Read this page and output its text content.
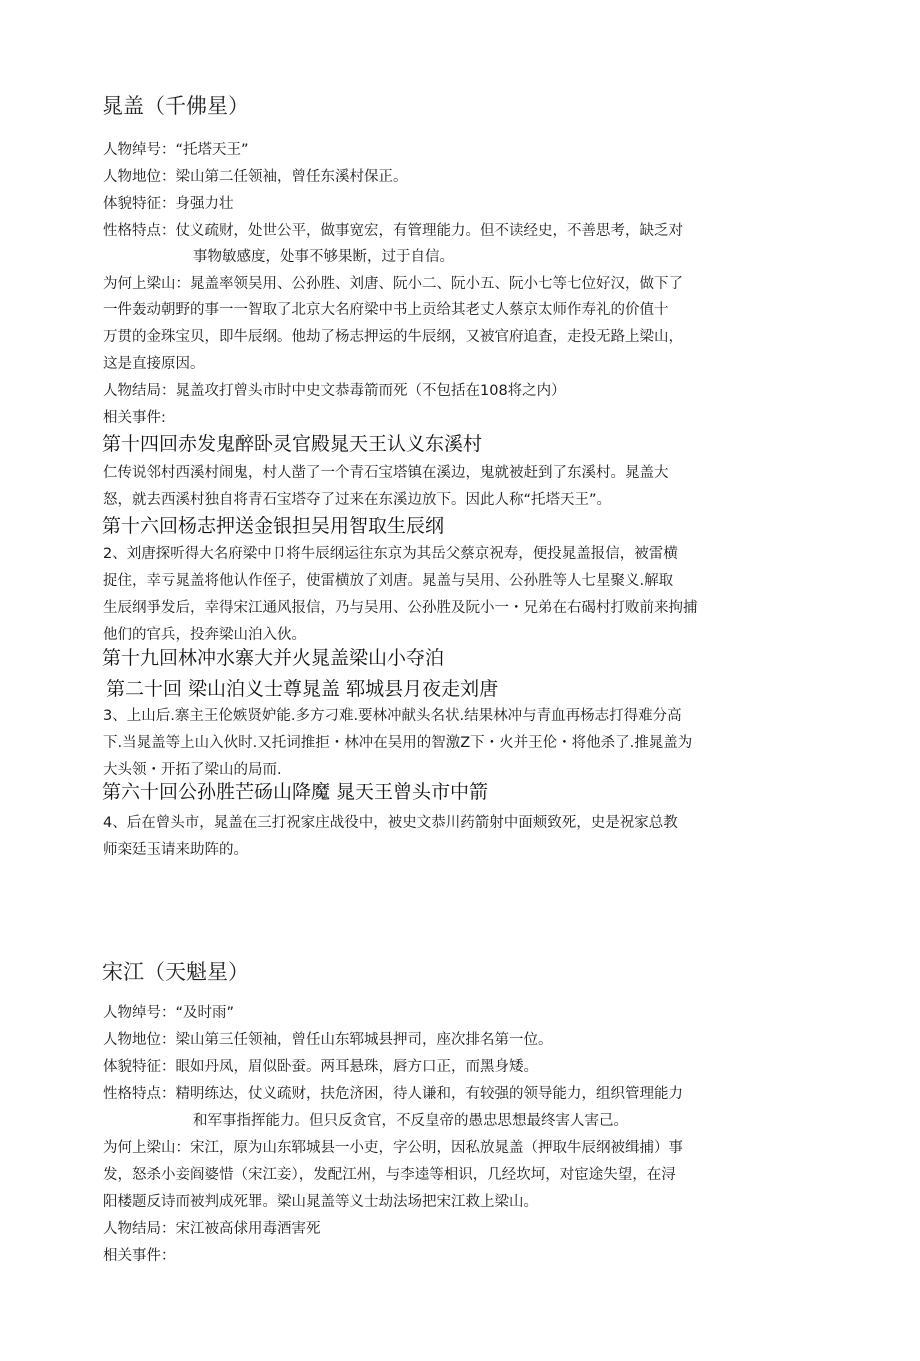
晁盖（千佛星）
人物绰号：“托塔天王”
人物地位：梁山第二任领袖，曾任东溪村保正。
体貌特征：身强力壮
性格特点：仗义疏财，处世公平，做事宽宏，有管理能力。但不读经史，不善思考，缺乏对
事物敏感度，处事不够果断，过于自信。
为何上梁山：晁盖率领吴用、公孙胜、刘唐、阮小二、阮小五、阮小七等七位好汉，做下了
一件轰动朝野的事一一智取了北京大名府梁中书上贡给其老丈人蔡京太师作寿礼的价值十
万贯的金珠宝贝，即牛辰纲。他劫了杨志押运的牛辰纲，又被官府追査，走投无路上梁山，
这是直接原因。
人物结局：晁盖攻打曾头市时中史文恭毒箭而死（不包括在108将之内）
相关事件:
第十四回赤发鬼醉卧灵官殿晁天王认义东溪村
仁传说邻村西溪村闹鬼，村人凿了一个青石宝塔镇在溪边，鬼就被赶到了东溪村。晁盖大
怒，就去西溪村独自将青石宝塔夺了过来在东溪边放下。因此人称“托塔天王”。
第十六回杨志押送金银担吴用智取生辰纲
2、刘唐探听得大名府梁中卩将牛辰纲运往东京为其岳父蔡京祝寿，便投晁盖报信，被雷横
捉住，幸亏晁盖将他认作侄子，使雷横放了刘唐。晁盖与吴用、公孙胜等人七星聚义.解取
生辰纲爭发后，幸得宋江通风报信，乃与吴用、公孙胜及阮小一・兄弟在右碣村打败前来拘捕
他们的官兵，投奔梁山泊入伙。
第十九回林冲水寨大并火晁盖梁山小夺泊
第二十回 梁山泊义士尊晁盖 郓城县月夜走刘唐
3、上山后.寨主王伦嫉贤妒能.多方刁难.要林冲献头名状.结果林冲与青血再杨志打得难分高
下.当晁盖等上山入伙时.又托词推拒・林冲在吴用的智激Z下・火并王伦・将他杀了.推晁盖为
大头领・开拓了梁山的局而.
第六十回公孙胜芒砀山降魔 晁天王曾头市中箭
4、后在曾头市，晁盖在三打祝家庄战役中，被史文恭川药箭射中面颊致死，史是祝家总教
师栾廷玉请来助阵的。
宋江（天魁星）
人物绰号：“及时雨”
人物地位：梁山第三任领袖，曾任山东郓城县押司，座次排名第一位。
体貌特征：眼如丹凤，眉似卧蚕。两耳悬珠，唇方口正，而黑身矮。
性格特点：精明练达，仗义疏财，扶危济困，待人谦和，有较强的领导能力，组织管理能力
和军事指挥能力。但只反贪官，不反皇帝的愚忠思想最终害人害己。
为何上梁山：宋江，原为山东郓城县一小吏，字公明，因私放晁盖（押取牛辰纲被缉捕）事
发，怒杀小妾阎婆惜（宋江妾），发配江州，与李逵等相识，几经坎坷，对宦途失望，在浔
阳楼题反诗而被判成死罪。梁山晁盖等义士劫法场把宋江救上梁山。
人物结局：宋江被高俅用毒酒害死
相关事件：
